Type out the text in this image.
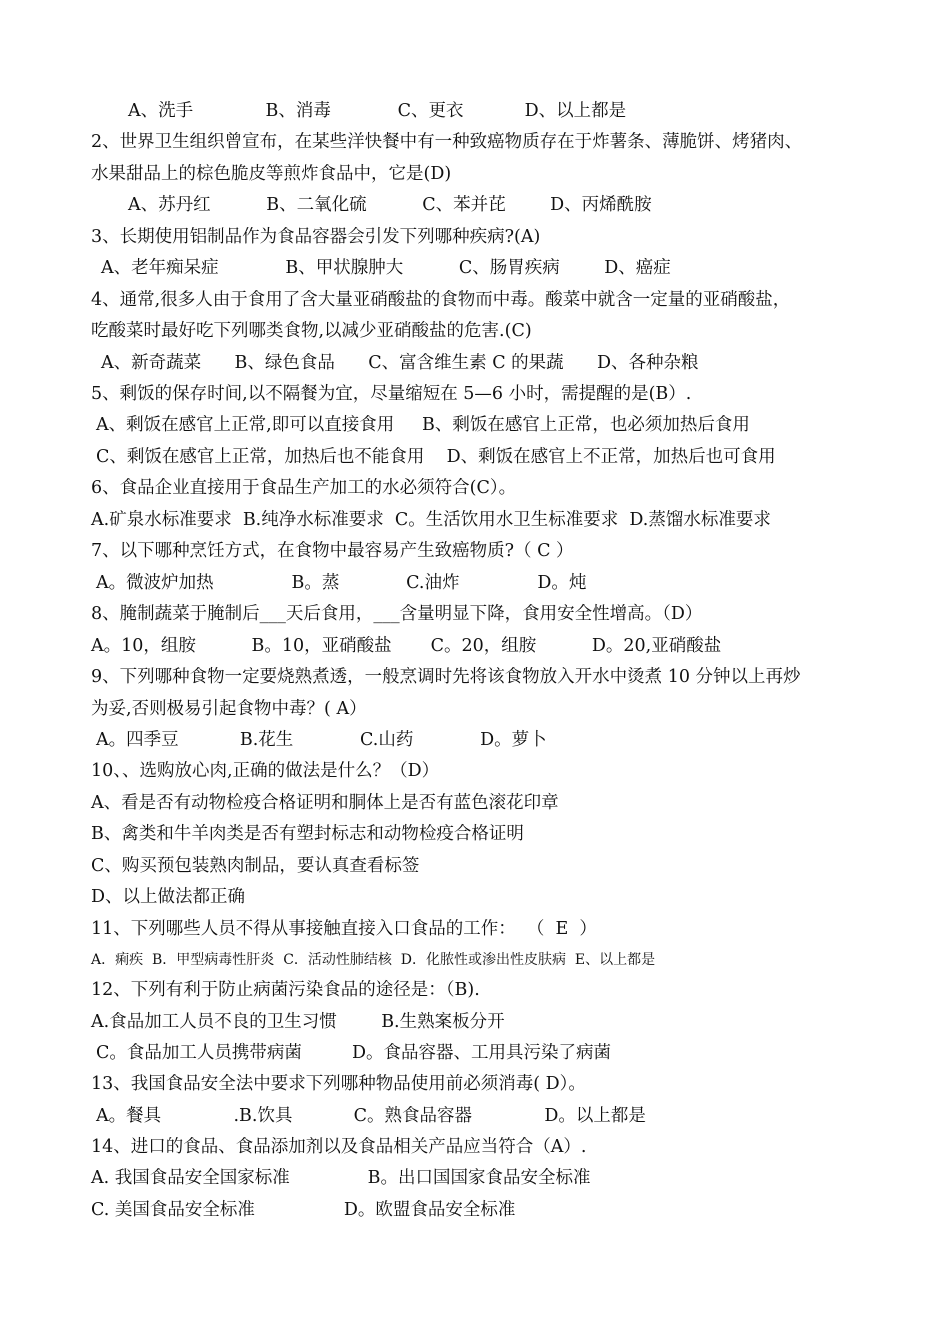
A、洗手             B、消毒            C、更衣           D、以上都是
2、世界卫生组织曾宣布，在某些洋快餐中有一种致癌物质存在于炸薯条、薄脆饼、烤猪肉、
水果甜品上的棕色脆皮等煎炸食品中，它是(D)
A、苏丹红          B、二氧化硫          C、苯并芘        D、丙烯酰胺
3、长期使用铝制品作为食品容器会引发下列哪种疾病?(A)
A、老年痴呆症            B、甲状腺肿大          C、肠胃疾病        D、癌症
4、通常,很多人由于食用了含大量亚硝酸盐的食物而中毒。酸菜中就含一定量的亚硝酸盐，
吃酸菜时最好吃下列哪类食物,以减少亚硝酸盐的危害.(C)
A、新奇蔬菜      B、绿色食品      C、富含维生素 C 的果蔬      D、各种杂粮
5、剩饭的保存时间,以不隔餐为宜，尽量缩短在 5—6 小时，需提醒的是(B）.
A、剩饭在感官上正常,即可以直接食用     B、剩饭在感官上正常，也必须加热后食用
C、剩饭在感官上正常，加热后也不能食用    D、剩饭在感官上不正常，加热后也可食用
6、食品企业直接用于食品生产加工的水必须符合(C）。
A.矿泉水标准要求  B.纯净水标准要求  C。生活饮用水卫生标准要求  D.蒸馏水标准要求
7、以下哪种烹饪方式，在食物中最容易产生致癌物质?（ C ）
A。微波炉加热              B。蒸            C.油炸              D。炖
8、腌制蔬菜于腌制后___天后食用，___含量明显下降，食用安全性增高。（D）
A。10，组胺          B。10，亚硝酸盐       C。20，组胺          D。20,亚硝酸盐
9、下列哪种食物一定要烧熟煮透，一般烹调时先将该食物放入开水中烫煮 10 分钟以上再炒
为妥,否则极易引起食物中毒？( A）
A。四季豆           B.花生            C.山药            D。萝卜
10、、选购放心肉,正确的做法是什么？（D）
A、看是否有动物检疫合格证明和胴体上是否有蓝色滚花印章
B、禽类和牛羊肉类是否有塑封标志和动物检疫合格证明
C、购买预包装熟肉制品，要认真查看标签
D、以上做法都正确
11、下列哪些人员不得从事接触直接入口食品的工作：  （  E  ）
A．痢疾  B．甲型病毒性肝炎  C．活动性肺结核  D．化脓性或渗出性皮肤病  E、以上都是
12、下列有利于防止病菌污染食品的途径是：（B).
A.食品加工人员不良的卫生习惯        B.生熟案板分开
C。食品加工人员携带病菌         D。食品容器、工用具污染了病菌
13、我国食品安全法中要求下列哪种物品使用前必须消毒( D）。
A。餐具             .B.饮具           C。熟食品容器             D。以上都是
14、进口的食品、食品添加剂以及食品相关产品应当符合（A）.
A. 我国食品安全国家标准              B。出口国国家食品安全标准
C. 美国食品安全标准                D。欧盟食品安全标准
